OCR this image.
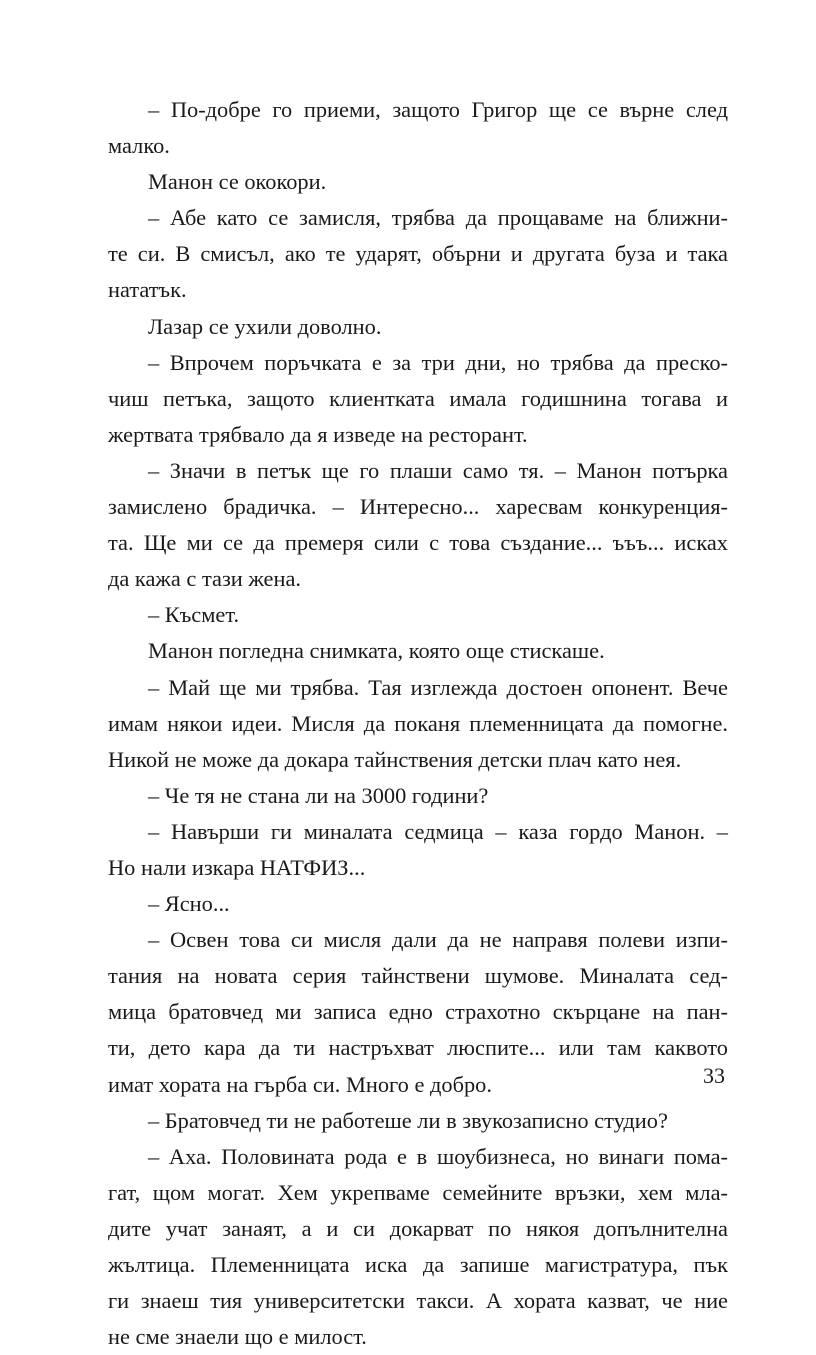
– По-добре го приеми, защото Григор ще се върне след
малко.
Манон се ококори.
– Абе като се замисля, трябва да прощаваме на ближни-
те си. В смисъл, ако те ударят, обърни и другата буза и така
нататък.
Лазар се ухили доволно.
– Впрочем поръчката е за три дни, но трябва да преско-
чиш петъка, защото клиентката имала годишнина тогава и
жертвата трябвало да я изведе на ресторант.
– Значи в петък ще го плаши само тя. – Манон потърка
замислено брадичка. – Интересно... харесвам конкуренция-
та. Ще ми се да премеря сили с това създание... ъъъ... исках
да кажа с тази жена.
– Късмет.
Манон погледна снимката, която още стискаше.
– Май ще ми трябва. Тая изглежда достоен опонент. Вече
имам някои идеи. Мисля да поканя племенницата да помогне.
Никой не може да докара тайнствения детски плач като нея.
– Че тя не стана ли на 3000 години?
– Навърши ги миналата седмица – каза гордо Манон. –
Но нали изкара НАТФИЗ...
– Ясно...
– Освен това си мисля дали да не направя полеви изпи-
тания на новата серия тайнствени шумове. Миналата сед-
мица братовчед ми записа едно страхотно скърцане на пан-
ти, дето кара да ти настръхват люспите... или там каквото
имат хората на гърба си. Много е добро.
– Братовчед ти не работеше ли в звукозаписно студио?
– Аха. Половината рода е в шоубизнеса, но винаги пома-
гат, щом могат. Хем укрепваме семейните връзки, хем мла-
дите учат занаят, а и си докарват по някоя допълнителна
жълтица. Племенницата иска да запише магистратура, пък
ги знаеш тия университетски такси. А хората казват, че ние
не сме знаели що е милост.
33
